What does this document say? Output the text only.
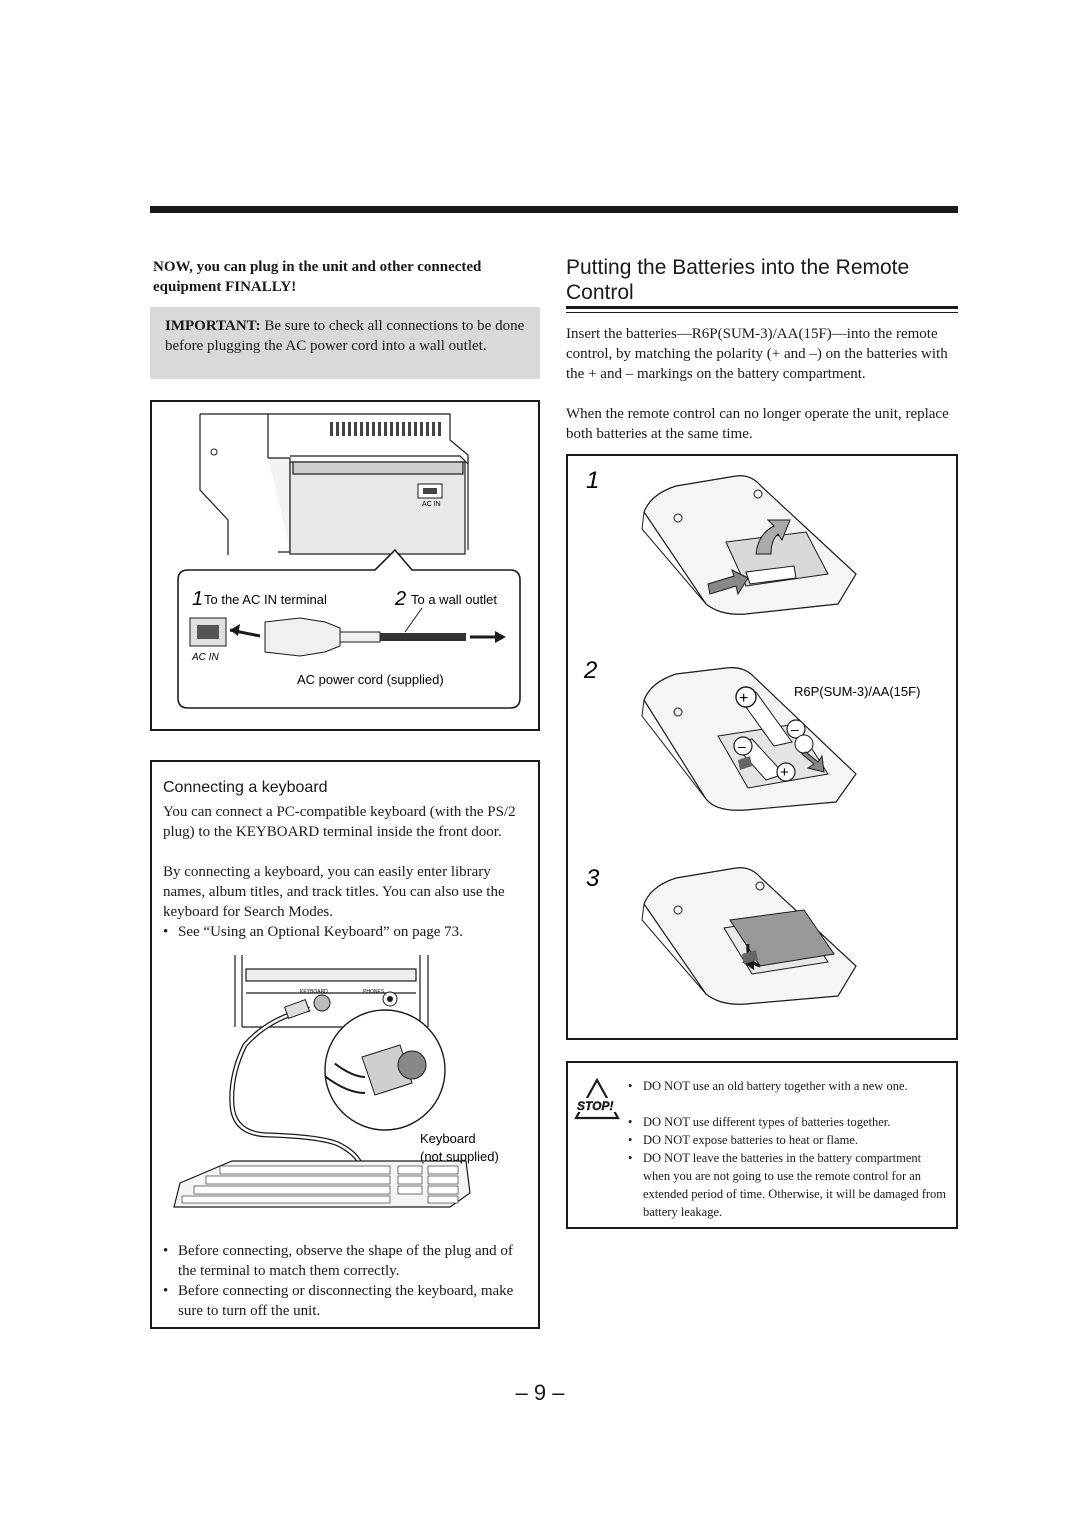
NOW, you can plug in the unit and other connected equipment FINALLY!
IMPORTANT: Be sure to check all connections to be done before plugging the AC power cord into a wall outlet.
AC IN
1 To the AC IN terminal	2 To a wall outlet
AC IN
AC power cord (supplied)
Connecting a keyboard
You can connect a PC-compatible keyboard (with the PS/2 plug) to the KEYBOARD terminal inside the front door.
By connecting a keyboard, you can easily enter library names, album titles, and track titles. You can also use the keyboard for Search Modes.
• See “Using an Optional Keyboard” on page 73.
KEYBOARD	PHONES
Keyboard
(not supplied)
• Before connecting, observe the shape of the plug and of the terminal to match them correctly.
• Before connecting or disconnecting the keyboard, make sure to turn off the unit.
Putting the Batteries into the Remote Control
Insert the batteries—R6P(SUM-3)/AA(15F)—into the remote control, by matching the polarity (+ and –) on the batteries with the + and – markings on the battery compartment.
When the remote control can no longer operate the unit, replace both batteries at the same time.
1
2
R6P(SUM-3)/AA(15F)
+
–
–
+
3
STOP!
• DO NOT use an old battery together with a new one.
• DO NOT use different types of batteries together.
• DO NOT expose batteries to heat or flame.
• DO NOT leave the batteries in the battery compartment when you are not going to use the remote control for an extended period of time. Otherwise, it will be damaged from battery leakage.
– 9 –
